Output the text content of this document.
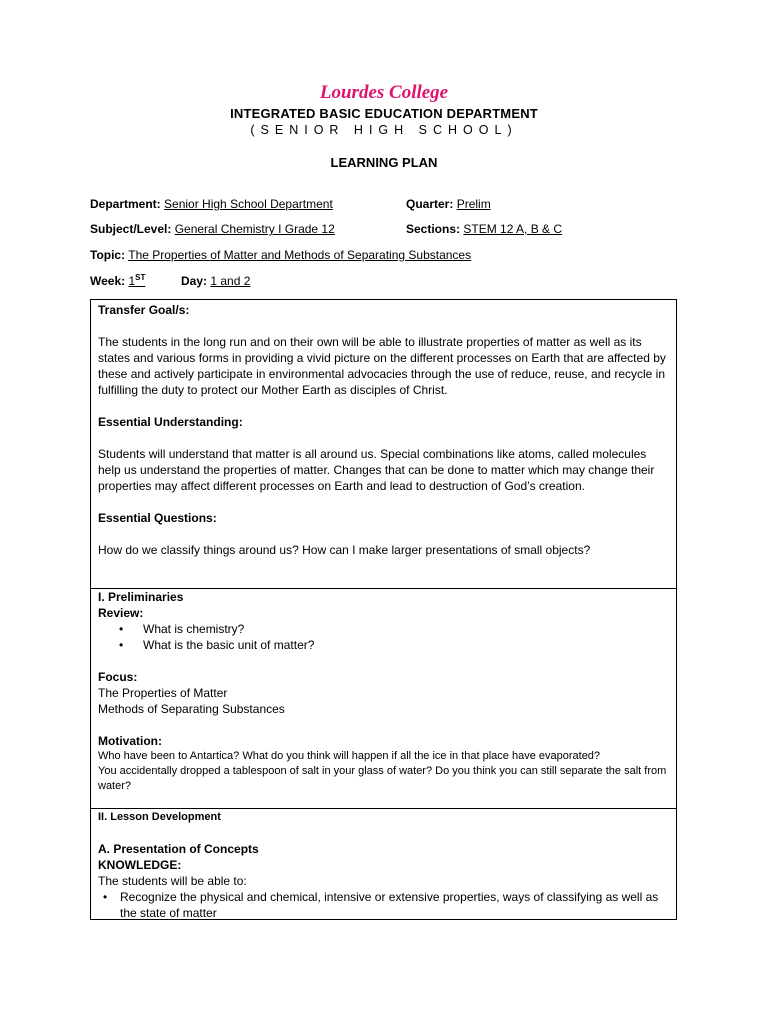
Lourdes College
INTEGRATED BASIC EDUCATION DEPARTMENT
(SENIOR HIGH SCHOOL)
LEARNING PLAN
Department: Senior High School Department	Quarter: Prelim
Subject/Level: General Chemistry I Grade 12	Sections: STEM 12 A, B & C
Topic: The Properties of Matter and Methods of Separating Substances
Week: 1ST	Day: 1 and 2

Transfer Goal/s:

The students in the long run and on their own will be able to illustrate properties of matter as well as its states and various forms in providing a vivid picture on the different processes on Earth that are affected by these and actively participate in environmental advocacies through the use of reduce, reuse, and recycle in fulfilling the duty to protect our Mother Earth as disciples of Christ.

Essential Understanding:

Students will understand that matter is all around us. Special combinations like atoms, called molecules help us understand the properties of matter. Changes that can be done to matter which may change their properties may affect different processes on Earth and lead to destruction of God’s creation.

Essential Questions:

How do we classify things around us? How can I make larger presentations of small objects?

I. Preliminaries

Review:

• What is chemistry?
• What is the basic unit of matter?

Focus:

The Properties of Matter

Methods of Separating Substances

Motivation:

Who have been to Antartica? What do you think will happen if all the ice in that place have evaporated?

You accidentally dropped a tablespoon of salt in your glass of water? Do you think you can still separate the salt from water?

II. Lesson Development

A. Presentation of Concepts

KNOWLEDGE:

The students will be able to:

• Recognize the physical and chemical, intensive or extensive properties, ways of classifying as well as the state of matter
